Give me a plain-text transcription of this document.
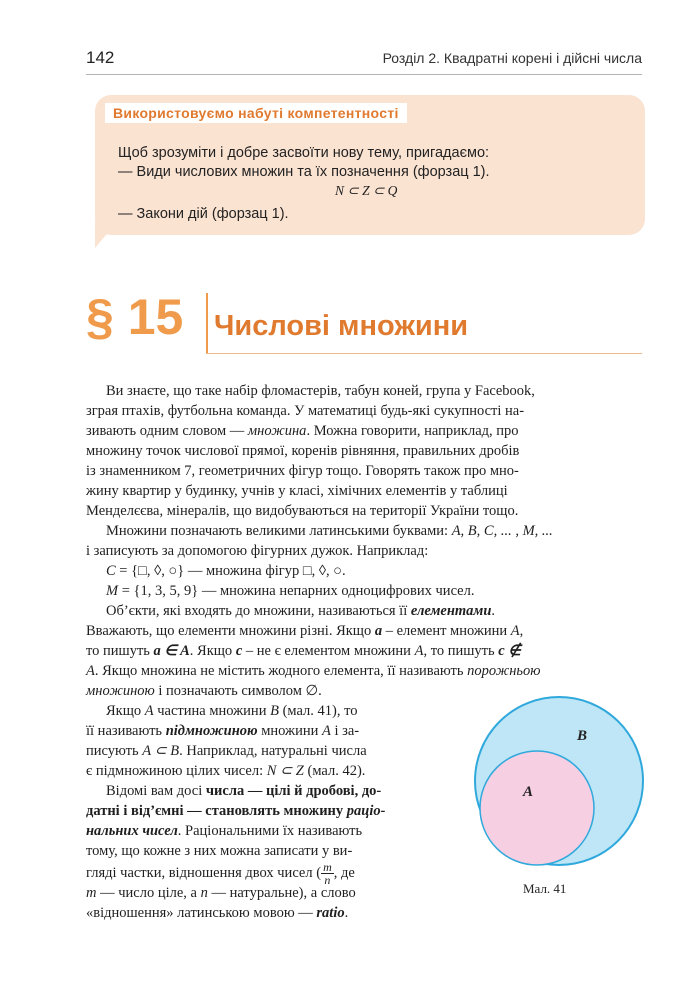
142	Розділ 2. Квадратні корені і дійсні числа
Використовуємо набуті компетентності
Щоб зрозуміти і добре засвоїти нову тему, пригадаємо:
— Види числових множин та їх позначення (форзац 1).
N ⊂ Z ⊂ Q
— Закони дій (форзац 1).
§ 15 Числові множини
Ви знаєте, що таке набір фломастерів, табун коней, група у Facebook,
зграя птахів, футбольна команда. У математиці будь-які сукупності на-
зивають одним словом — множина. Можна говорити, наприклад, про
множину точок числової прямої, коренів рівняння, правильних дробів
із знаменником 7, геометричних фігур тощо. Говорять також про мно-
жину квартир у будинку, учнів у класі, хімічних елементів у таблиці
Менделєєва, мінералів, що видобуваються на території України тощо.
Множини позначають великими латинськими буквами: A, B, C, ... , M, ...
і записують за допомогою фігурних дужок. Наприклад:
C = {□, ◊, ○} — множина фігур □, ◊, ○.
M = {1, 3, 5, 9} — множина непарних одноцифрових чисел.
Об’єкти, які входять до множини, називаються її елементами.
Вважають, що елементи множини різні. Якщо a – елемент множини A,
то пишуть a ∈ A. Якщо c – не є елементом множини A, то пишуть c ∉
A. Якщо множина не містить жодного елемента, її називають порожньою
множиною і позначають символом ∅.
Якщо A частина множини B (мал. 41), то
її називають підмножиною множини A і за-
писують A ⊂ B. Наприклад, натуральні числа
є підмножиною цілих чисел: N ⊂ Z (мал. 42).
Відомі вам досі числа — цілі й дробові, до-
датні і від’ємні — становлять множину раціо-
нальних чисел. Раціональними їх називають
тому, що кожне з них можна записати у ви-
гляді частки, відношення двох чисел ( $\frac{m}{n}$ , де
m — число ціле, а n — натуральне), а слово
«відношення» латинською мовою — ratio.
B
A
Мал. 41
